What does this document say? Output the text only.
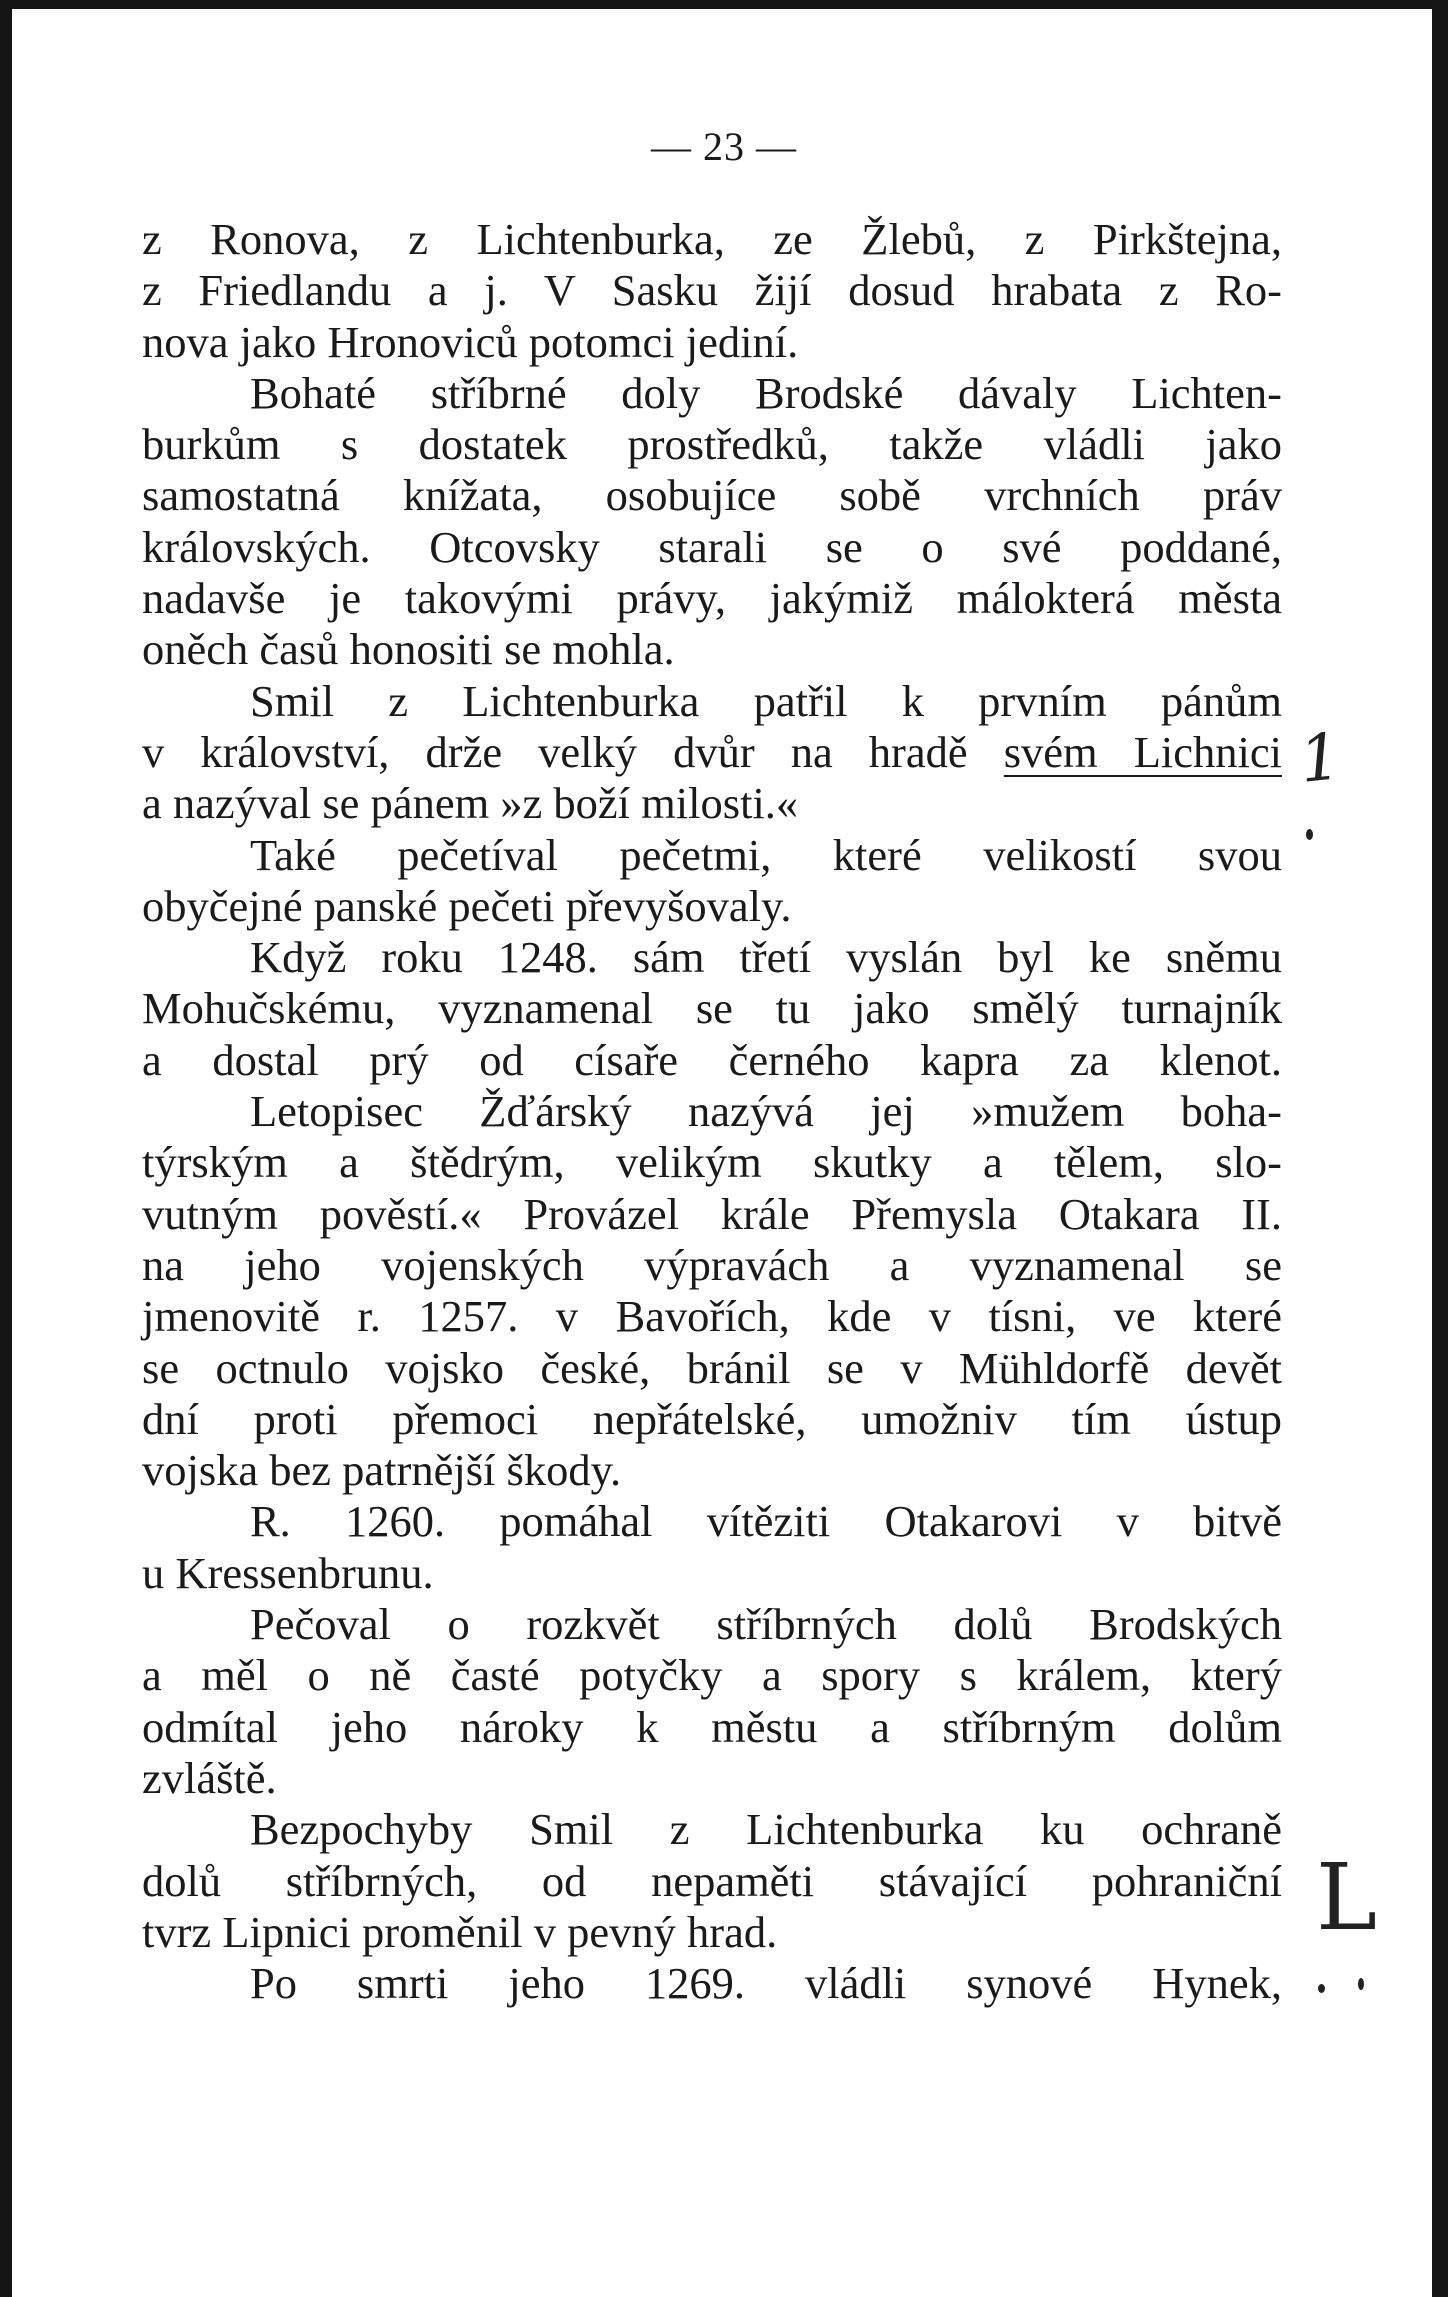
— 23 —
z Ronova, z Lichtenburka, ze Žlebů, z Pirkštejna,
z Friedlandu a j. V Sasku žijí dosud hrabata z Ro-
nova jako Hronoviců potomci jediní.
Bohaté stříbrné doly Brodské dávaly Lichten-
burkům s dostatek prostředků, takže vládli jako
samostatná knížata, osobujíce sobě vrchních práv
královských. Otcovsky starali se o své poddané,
nadavše je takovými právy, jakýmiž málokterá města
oněch časů honositi se mohla.
Smil z Lichtenburka patřil k prvním pánům
v království, drže velký dvůr na hradě svém Lichnici
a nazýval se pánem »z boží milosti.«
Také pečetíval pečetmi, které velikostí svou
obyčejné panské pečeti převyšovaly.
Když roku 1248. sám třetí vyslán byl ke sněmu
Mohučskému, vyznamenal se tu jako smělý turnajník
a dostal prý od císaře černého kapra za klenot.
Letopisec Žďárský nazývá jej »mužem boha-
týrským a štědrým, velikým skutky a tělem, slo-
vutným pověstí.« Provázel krále Přemysla Otakara II.
na jeho vojenských výpravách a vyznamenal se
jmenovitě r. 1257. v Bavořích, kde v tísni, ve které
se octnulo vojsko české, bránil se v Mühldorfě devět
dní proti přemoci nepřátelské, umožniv tím ústup
vojska bez patrnější škody.
R. 1260. pomáhal vítěziti Otakarovi v bitvě
u Kressenbrunu.
Pečoval o rozkvět stříbrných dolů Brodských
a měl o ně časté potyčky a spory s králem, který
odmítal jeho nároky k městu a stříbrným dolům
zvláště.
Bezpochyby Smil z Lichtenburka ku ochraně
dolů stříbrných, od nepaměti stávající pohraniční
tvrz Lipnici proměnil v pevný hrad.
Po smrti jeho 1269. vládli synové Hynek,
1
L
